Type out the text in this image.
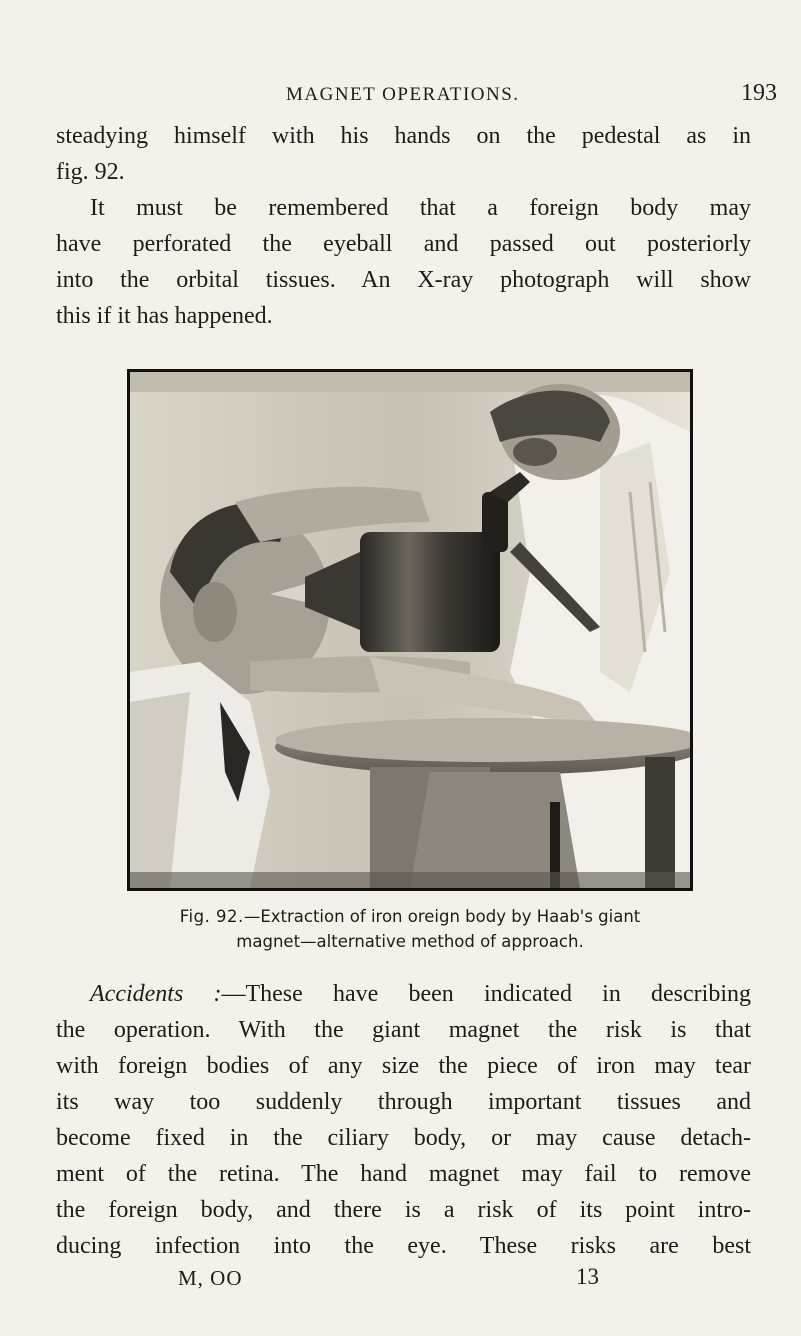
MAGNET OPERATIONS.	193
steadying himself with his hands on the pedestal as in
fig. 92.
It must be remembered that a foreign body may
have perforated the eyeball and passed out posteriorly
into the orbital tissues. An X-ray photograph will show
this if it has happened.
Fig. 92.—Extraction of iron oreign body by Haab's giant
magnet—alternative method of approach.
Accidents :—These have been indicated in describing
the operation. With the giant magnet the risk is that
with foreign bodies of any size the piece of iron may tear
its way too suddenly through important tissues and
become fixed in the ciliary body, or may cause detach-
ment of the retina. The hand magnet may fail to remove
the foreign body, and there is a risk of its point intro-
ducing infection into the eye. These risks are best
M, OO	13
